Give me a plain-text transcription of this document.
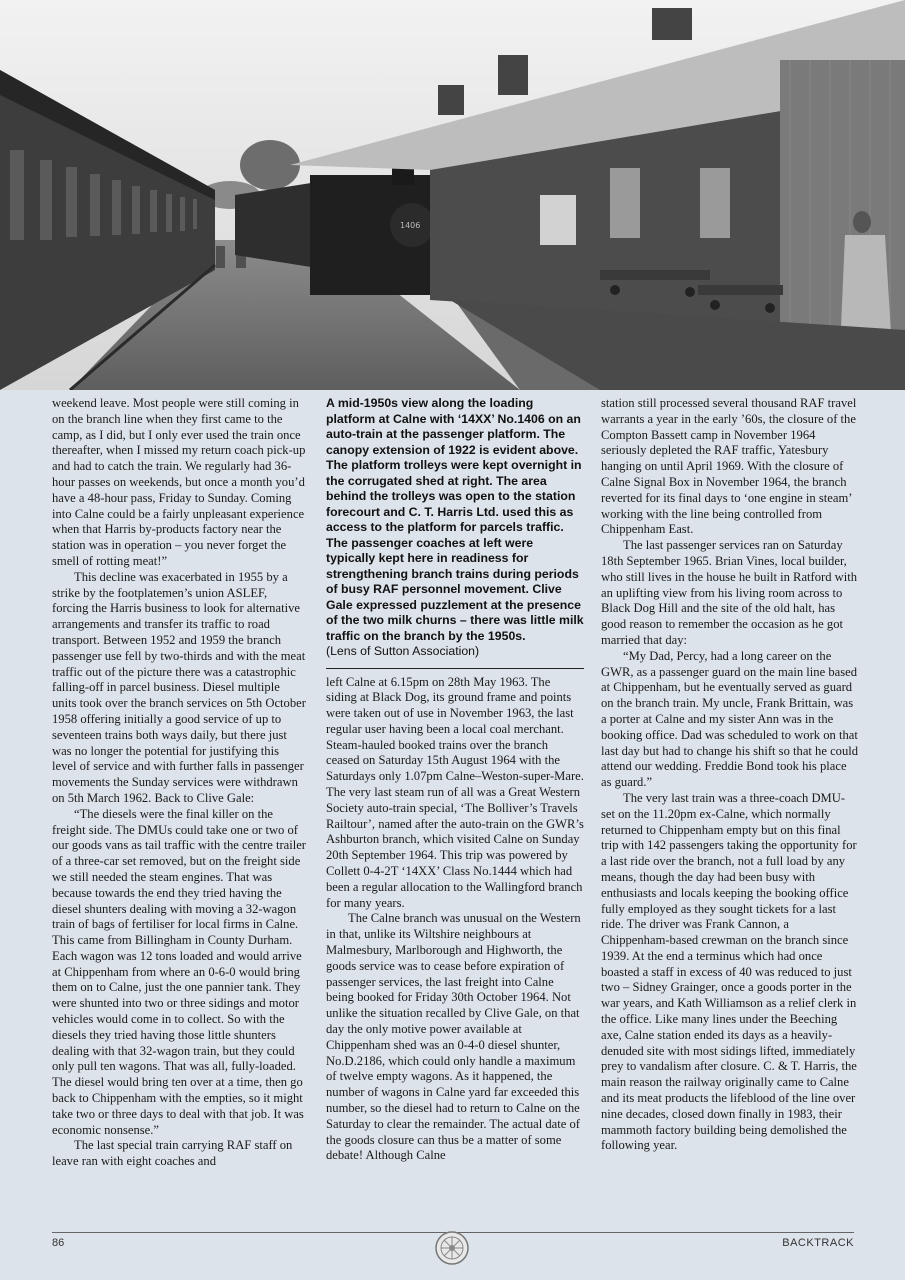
1406

weekend leave. Most people were still coming in on the branch line when they first came to the camp, as I did, but I only ever used the train once thereafter, when I missed my return coach pick-up and had to catch the train. We regularly had 36-hour passes on weekends, but once a month you’d have a 48-hour pass, Friday to Sunday. Coming into Calne could be a fairly unpleasant experience when that Harris by-products factory near the station was in operation – you never forget the smell of rotting meat!”

This decline was exacerbated in 1955 by a strike by the footplatemen’s union ASLEF, forcing the Harris business to look for alternative arrangements and transfer its traffic to road transport. Between 1952 and 1959 the branch passenger use fell by two-thirds and with the meat traffic out of the picture there was a catastrophic falling-off in parcel business. Diesel multiple units took over the branch services on 5th October 1958 offering initially a good service of up to seventeen trains both ways daily, but there just was no longer the potential for justifying this level of service and with further falls in passenger movements the Sunday services were withdrawn on 5th March 1962. Back to Clive Gale:

“The diesels were the final killer on the freight side. The DMUs could take one or two of our goods vans as tail traffic with the centre trailer of a three-car set removed, but on the freight side we still needed the steam engines. That was because towards the end they tried having the diesel shunters dealing with moving a 32-wagon train of bags of fertiliser for local firms in Calne. This came from Billingham in County Durham. Each wagon was 12 tons loaded and would arrive at Chippenham from where an 0-6-0 would bring them on to Calne, just the one pannier tank. They were shunted into two or three sidings and motor vehicles would come in to collect. So with the diesels they tried having those little shunters dealing with that 32-wagon train, but they could only pull ten wagons. That was all, fully-loaded. The diesel would bring ten over at a time, then go back to Chippenham with the empties, so it might take two or three days to deal with that job. It was economic nonsense.”

The last special train carrying RAF staff on leave ran with eight coaches and

A mid-1950s view along the loading platform at Calne with ‘14XX’ No.1406 on an auto-train at the passenger platform. The canopy extension of 1922 is evident above. The platform trolleys were kept overnight in the corrugated shed at right. The area behind the trolleys was open to the station forecourt and C. T. Harris Ltd. used this as access to the platform for parcels traffic. The passenger coaches at left were typically kept here in readiness for strengthening branch trains during periods of busy RAF personnel movement. Clive Gale expressed puzzlement at the presence of the two milk churns – there was little milk traffic on the branch by the 1950s.
(Lens of Sutton Association)

left Calne at 6.15pm on 28th May 1963. The siding at Black Dog, its ground frame and points were taken out of use in November 1963, the last regular user having been a local coal merchant. Steam-hauled booked trains over the branch ceased on Saturday 15th August 1964 with the Saturdays only 1.07pm Calne–Weston-super-Mare. The very last steam run of all was a Great Western Society auto-train special, ‘The Bolliver’s Travels Railtour’, named after the auto-train on the GWR’s Ashburton branch, which visited Calne on Sunday 20th September 1964. This trip was powered by Collett 0-4-2T ‘14XX’ Class No.1444 which had been a regular allocation to the Wallingford branch for many years.

The Calne branch was unusual on the Western in that, unlike its Wiltshire neighbours at Malmesbury, Marlborough and Highworth, the goods service was to cease before expiration of passenger services, the last freight into Calne being booked for Friday 30th October 1964. Not unlike the situation recalled by Clive Gale, on that day the only motive power available at Chippenham shed was an 0-4-0 diesel shunter, No.D.2186, which could only handle a maximum of twelve empty wagons. As it happened, the number of wagons in Calne yard far exceeded this number, so the diesel had to return to Calne on the Saturday to clear the remainder. The actual date of the goods closure can thus be a matter of some debate! Although Calne

station still processed several thousand RAF travel warrants a year in the early ’60s, the closure of the Compton Bassett camp in November 1964 seriously depleted the RAF traffic, Yatesbury hanging on until April 1969. With the closure of Calne Signal Box in November 1964, the branch reverted for its final days to ‘one engine in steam’ working with the line being controlled from Chippenham East.

The last passenger services ran on Saturday 18th September 1965. Brian Vines, local builder, who still lives in the house he built in Ratford with an uplifting view from his living room across to Black Dog Hill and the site of the old halt, has good reason to remember the occasion as he got married that day:

“My Dad, Percy, had a long career on the GWR, as a passenger guard on the main line based at Chippenham, but he eventually served as guard on the branch train. My uncle, Frank Brittain, was a porter at Calne and my sister Ann was in the booking office. Dad was scheduled to work on that last day but had to change his shift so that he could attend our wedding. Freddie Bond took his place as guard.”

The very last train was a three-coach DMU-set on the 11.20pm ex-Calne, which normally returned to Chippenham empty but on this final trip with 142 passengers taking the opportunity for a last ride over the branch, not a full load by any means, though the day had been busy with enthusiasts and locals keeping the booking office fully employed as they sought tickets for a last ride. The driver was Frank Cannon, a Chippenham-based crewman on the branch since 1939. At the end a terminus which had once boasted a staff in excess of 40 was reduced to just two – Sidney Grainger, once a goods porter in the war years, and Kath Williamson as a relief clerk in the office. Like many lines under the Beeching axe, Calne station ended its days as a heavily-denuded site with most sidings lifted, immediately prey to vandalism after closure. C. & T. Harris, the main reason the railway originally came to Calne and its meat products the lifeblood of the line over nine decades, closed down finally in 1983, their mammoth factory building being demolished the following year.

86	BACKTRACK
